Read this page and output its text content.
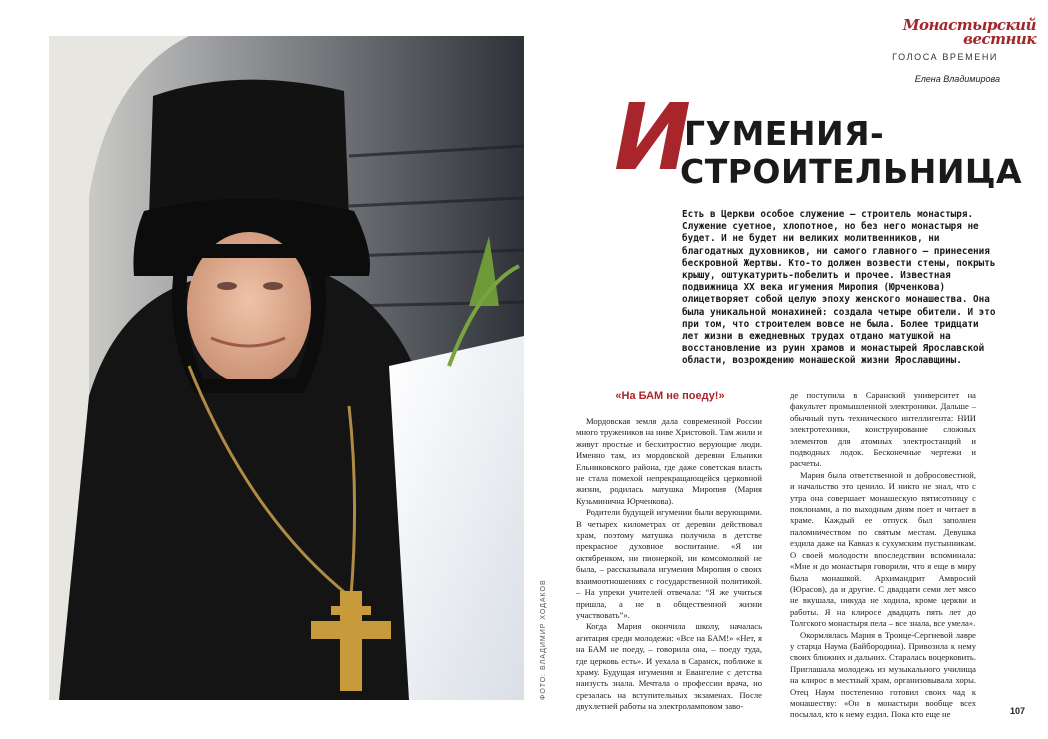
ФОТО: ВЛАДИМИР ХОДАКОВ
Монастырский вестник
ГОЛОСА ВРЕМЕНИ
Елена Владимирова
И
ГУМЕНИЯ-
СТРОИТЕЛЬНИЦА

Есть в Церкви особое служение – строитель монастыря. Служение суетное, хлопотное, но без него монастыря не будет. И не будет ни великих молитвенников, ни благодатных духовников, ни самого главного – принесения бескровной Жертвы. Кто-то должен возвести стены, покрыть крышу, оштукатурить-побелить и прочее. Известная подвижница XX века игумения Миропия (Юрченкова) олицетворяет собой целую эпоху женского монашества. Она была уникальной монахиней: создала четыре обители. И это при том, что строителем вовсе не была. Более тридцати лет жизни в ежедневных трудах отдано матушкой на восстановление из руин храмов и монастырей Ярославской области, возрождению монашеской жизни Ярославщины.

«На БАМ не поеду!»

Мордовская земля дала современной России много тружеников на ниве Христовой. Там жили и живут простые и бесхитростно верующие люди. Именно там, из мордовской деревни Ельники Ельниковского района, где даже советская власть не стала помехой непрекращающейся церковной жизни, родилась матушка Миропия (Мария Кузьминична Юрченкова).

Родители будущей игумении были верующими. В четырех километрах от деревни действовал храм, поэтому матушка получила в детстве прекрасное духовное воспитание. «Я ни октябренком, ни пионеркой, ни комсомолкой не была, – рассказывала игумения Миропия о своих взаимоотношениях с государственной политикой. – На упреки учителей отвечала: “Я же учиться пришла, а не в общественной жизни участвовать”».

Когда Мария окончила школу, началась агитация среди молодежи: «Все на БАМ!» «Нет, я на БАМ не поеду, – говорила она, – поеду туда, где церковь есть». И уехала в Саранск, поближе к храму. Будущая игумения и Евангелие с детства наизусть знала. Мечтала о профессии врача, но срезалась на вступительных экзаменах. После двухлетней работы на электроламповом заво-

де поступила в Саранский университет на факультет промышленной электроники. Дальше – обычный путь технического интеллигента: НИИ электротехники, конструирование сложных элементов для атомных электростанций и подводных лодок. Бесконечные чертежи и расчеты.

Мария была ответственной и добросовестной, и начальство это ценило. И никто не знал, что с утра она совершает монашескую пятисотницу с поклонами, а по выходным дням поет и читает в храме. Каждый ее отпуск был заполнен паломничеством по святым местам. Девушка ездила даже на Кавказ к сухумским пустынникам. О своей молодости впоследствии вспоминала: «Мне и до монастыря говорили, что я еще в миру была монашкой. Архимандрит Амвросий (Юрасов), да и другие. С двадцати семи лет мясо не вкушала, никуда не ходила, кроме церкви и работы. Я на клиросе двадцать пять лет до Толгского монастыря пела – все знала, все умела».

Окормлялась Мария в Троице-Сергиевой лавре у старца Наума (Байбородина). Привозила к нему своих ближних и дальних. Старалась воцерковить. Приглашала молодежь из музыкального училища на клирос в местный храм, организовывала хоры. Отец Наум постепенно готовил своих чад к монашеству: «Он в монастыри вообще всех посылал, кто к нему ездил. Пока кто еще не	107
